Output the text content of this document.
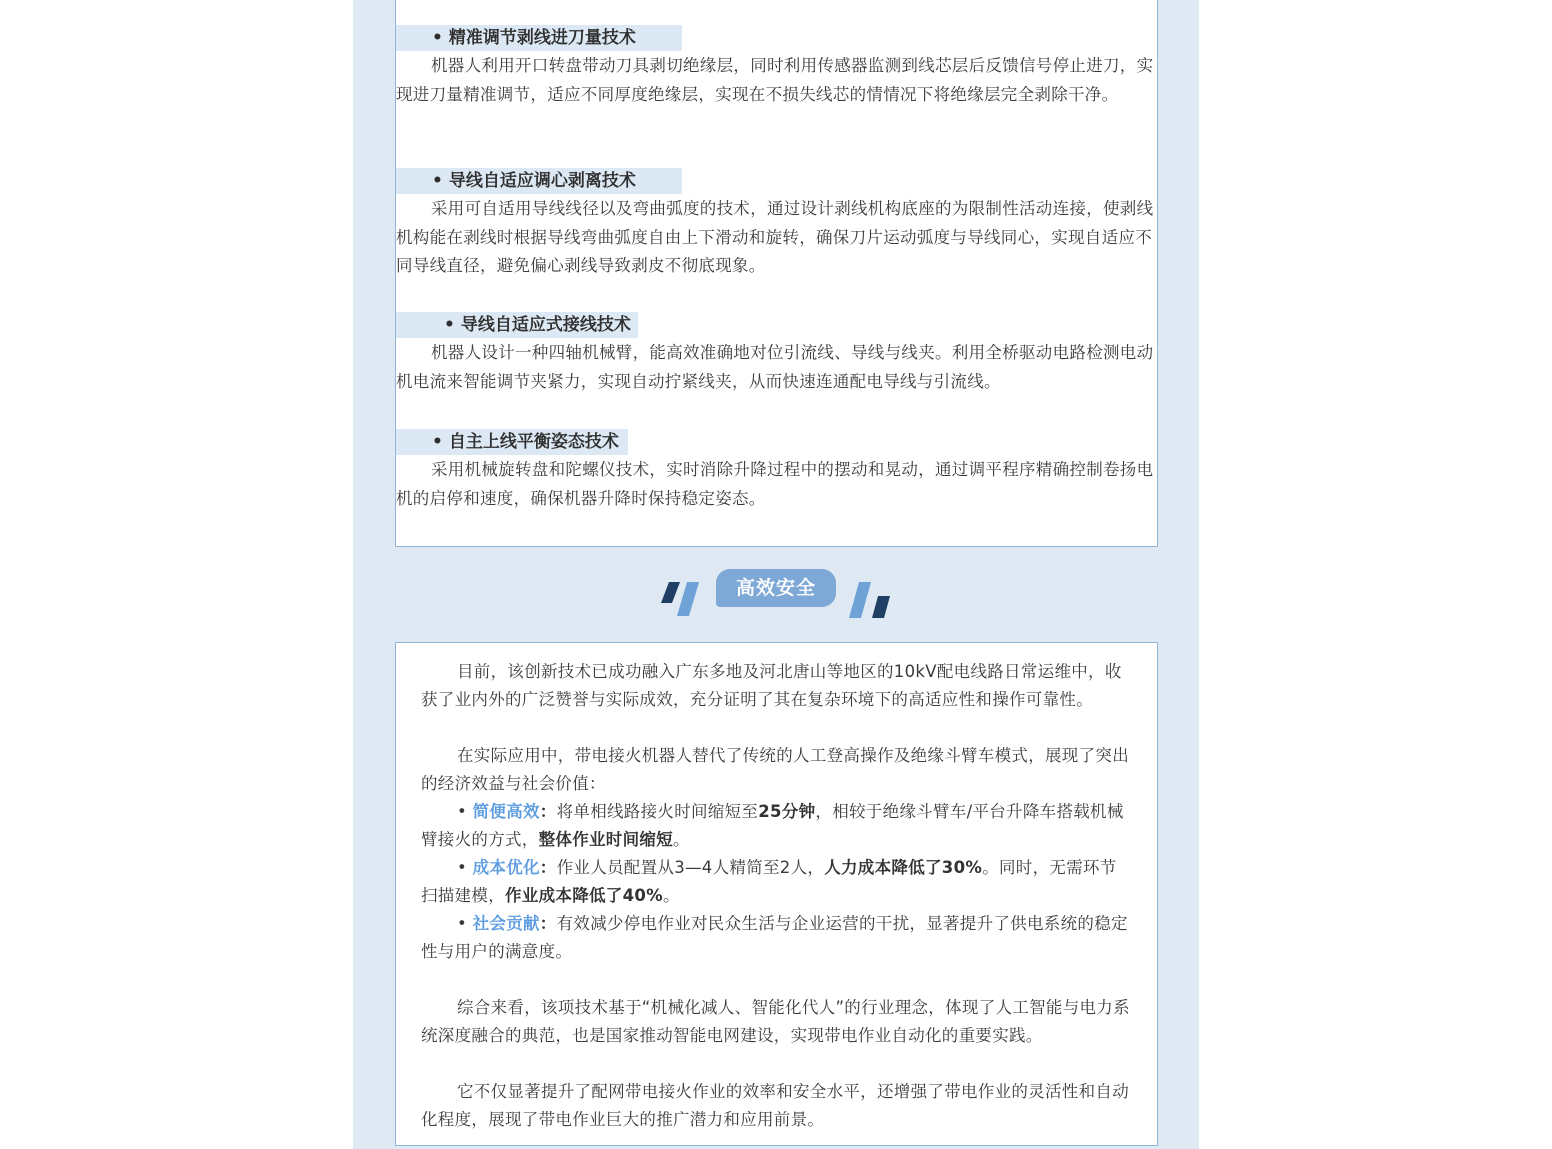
• 精准调节剥线进刀量技术

机器人利用开口转盘带动刀具剥切绝缘层，同时利用传感器监测到线芯层后反馈信号停止进刀，实现进刀量精准调节，适应不同厚度绝缘层，实现在不损失线芯的情情况下将绝缘层完全剥除干净。

• 导线自适应调心剥离技术

采用可自适用导线线径以及弯曲弧度的技术，通过设计剥线机构底座的为限制性活动连接，使剥线机构能在剥线时根据导线弯曲弧度自由上下滑动和旋转，确保刀片运动弧度与导线同心，实现自适应不同导线直径，避免偏心剥线导致剥皮不彻底现象。

• 导线自适应式接线技术

机器人设计一种四轴机械臂，能高效准确地对位引流线、导线与线夹。利用全桥驱动电路检测电动机电流来智能调节夹紧力，实现自动拧紧线夹，从而快速连通配电导线与引流线。

• 自主上线平衡姿态技术

采用机械旋转盘和陀螺仪技术，实时消除升降过程中的摆动和晃动，通过调平程序精确控制卷扬电机的启停和速度，确保机器升降时保持稳定姿态。

高效安全

目前，该创新技术已成功融入广东多地及河北唐山等地区的10kV配电线路日常运维中，收获了业内外的广泛赞誉与实际成效，充分证明了其在复杂环境下的高适应性和操作可靠性。

在实际应用中，带电接火机器人替代了传统的人工登高操作及绝缘斗臂车模式，展现了突出的经济效益与社会价值：

• 简便高效：将单相线路接火时间缩短至25分钟，相较于绝缘斗臂车/平台升降车搭载机械臂接火的方式，整体作业时间缩短。

• 成本优化：作业人员配置从3—4人精简至2人，人力成本降低了30%。同时，无需环节扫描建模，作业成本降低了40%。

• 社会贡献：有效减少停电作业对民众生活与企业运营的干扰，显著提升了供电系统的稳定性与用户的满意度。

综合来看，该项技术基于“机械化减人、智能化代人”的行业理念，体现了人工智能与电力系统深度融合的典范，也是国家推动智能电网建设，实现带电作业自动化的重要实践。

它不仅显著提升了配网带电接火作业的效率和安全水平，还增强了带电作业的灵活性和自动化程度，展现了带电作业巨大的推广潜力和应用前景。
